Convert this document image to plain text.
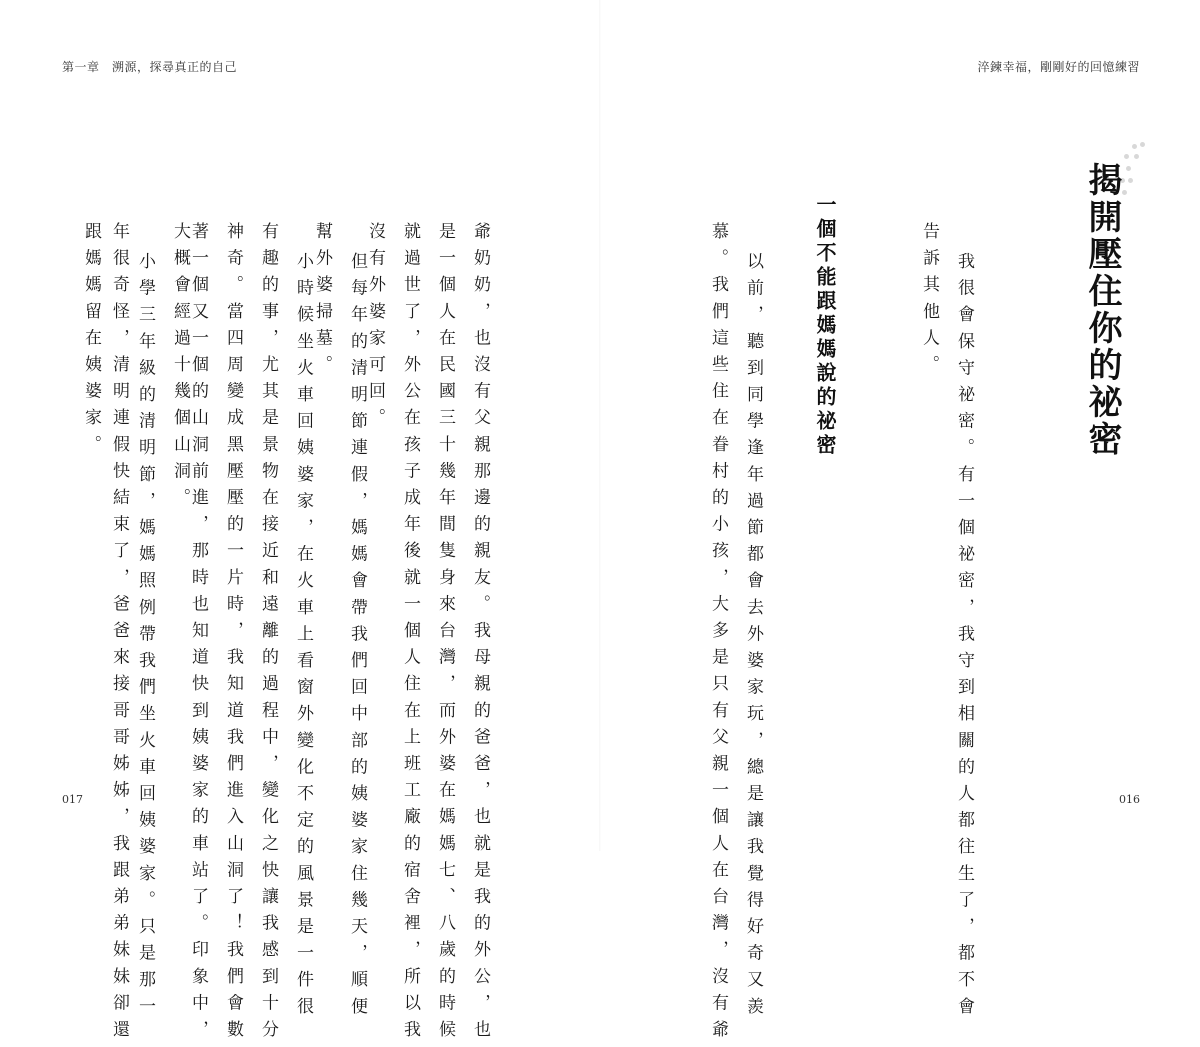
第一章　溯源，探尋真正的自己	淬鍊幸福，剛剛好的回憶練習
揭開壓住你的祕密
一個不能跟媽媽說的祕密	我很會保守祕密。有一個祕密，我守到相關的人都往生了，都不會
告訴其他人。
以前，聽到同學逢年過節都會去外婆家玩，總是讓我覺得好奇又羨
慕。我們這些住在眷村的小孩，大多是只有父親一個人在台灣，沒有爺
爺奶奶，也沒有父親那邊的親友。我母親的爸爸，也就是我的外公，也
是一個人在民國三十幾年間隻身來台灣，而外婆在媽媽七、八歲的時候
就過世了，外公在孩子成年後就一個人住在上班工廠的宿舍裡，所以我
沒有外婆家可回。
但每年的清明節連假，媽媽會帶我們回中部的姨婆家住幾天，順便
幫外婆掃墓。
小時候坐火車回姨婆家，在火車上看窗外變化不定的風景是一件很
有趣的事，尤其是景物在接近和遠離的過程中，變化之快讓我感到十分
神奇。當四周變成黑壓壓的一片時，我知道我們進入山洞了！我們會數
著一個又一個的山洞前進，那時也知道快到姨婆家的車站了。印象中，
大概會經過十幾個山洞。
小學三年級的清明節，媽媽照例帶我們坐火車回姨婆家。只是那一
年很奇怪，清明連假快結束了，爸爸來接哥哥姊姊，我跟弟弟妹妹卻還
跟媽媽留在姨婆家。
017	016
